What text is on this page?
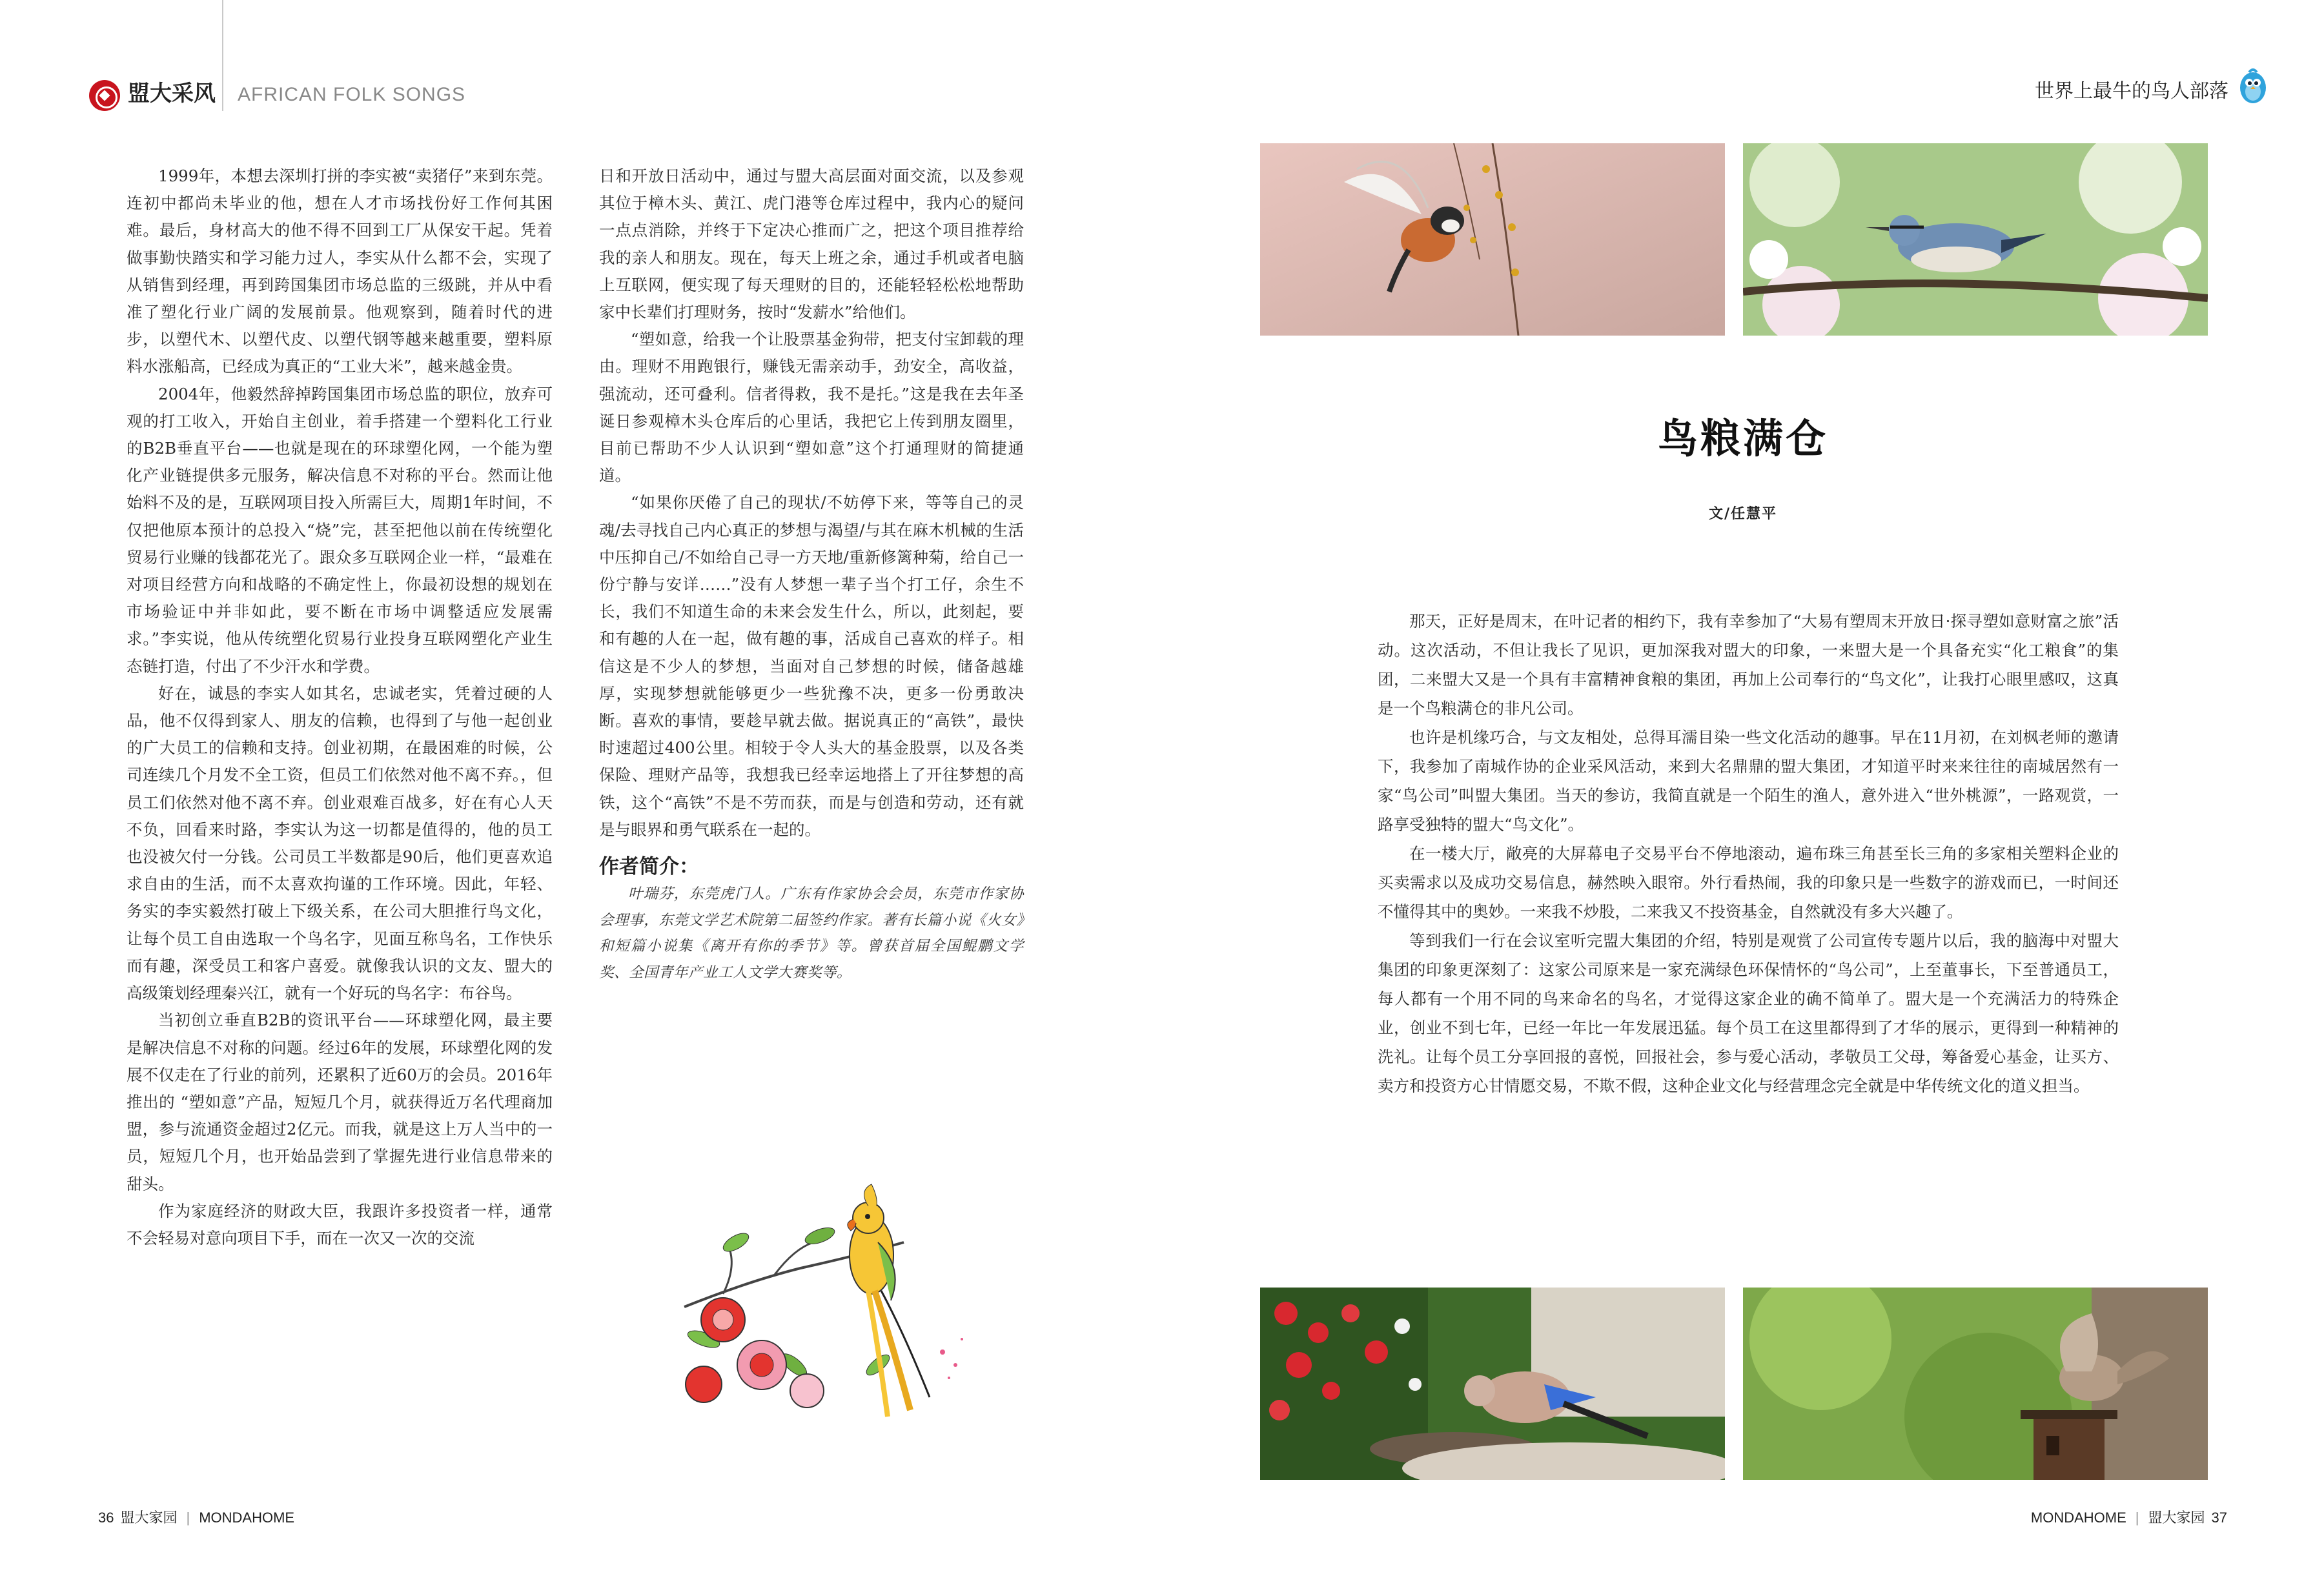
盟大采风 AFRICAN FOLK SONGS	世界上最牛的鸟人部落

1999年，本想去深圳打拼的李实被“卖猪仔”来到东莞。连初中都尚未毕业的他，想在人才市场找份好工作何其困难。最后，身材高大的他不得不回到工厂从保安干起。凭着做事勤快踏实和学习能力过人，李实从什么都不会，实现了从销售到经理，再到跨国集团市场总监的三级跳，并从中看准了塑化行业广阔的发展前景。他观察到，随着时代的进步，以塑代木、以塑代皮、以塑代钢等越来越重要，塑料原料水涨船高，已经成为真正的“工业大米”，越来越金贵。

2004年，他毅然辞掉跨国集团市场总监的职位，放弃可观的打工收入，开始自主创业，着手搭建一个塑料化工行业的B2B垂直平台——也就是现在的环球塑化网，一个能为塑化产业链提供多元服务，解决信息不对称的平台。然而让他始料不及的是，互联网项目投入所需巨大，周期1年时间，不仅把他原本预计的总投入“烧”完，甚至把他以前在传统塑化贸易行业赚的钱都花光了。跟众多互联网企业一样，“最难在对项目经营方向和战略的不确定性上，你最初设想的规划在市场验证中并非如此，要不断在市场中调整适应发展需求。”李实说，他从传统塑化贸易行业投身互联网塑化产业生态链打造，付出了不少汗水和学费。

好在，诚恳的李实人如其名，忠诚老实，凭着过硬的人品，他不仅得到家人、朋友的信赖，也得到了与他一起创业的广大员工的信赖和支持。创业初期，在最困难的时候，公司连续几个月发不全工资，但员工们依然对他不离不弃。，但员工们依然对他不离不弃。创业艰难百战多，好在有心人天不负，回看来时路，李实认为这一切都是值得的，他的员工也没被欠付一分钱。公司员工半数都是90后，他们更喜欢追求自由的生活，而不太喜欢拘谨的工作环境。因此，年轻、务实的李实毅然打破上下级关系，在公司大胆推行鸟文化，让每个员工自由选取一个鸟名字，见面互称鸟名，工作快乐而有趣，深受员工和客户喜爱。就像我认识的文友、盟大的高级策划经理秦兴江，就有一个好玩的鸟名字：布谷鸟。

当初创立垂直B2B的资讯平台——环球塑化网，最主要是解决信息不对称的问题。经过6年的发展，环球塑化网的发展不仅走在了行业的前列，还累积了近60万的会员。2016年推出的 “塑如意”产品，短短几个月，就获得近万名代理商加盟，参与流通资金超过2亿元。而我，就是这上万人当中的一员，短短几个月，也开始品尝到了掌握先进行业信息带来的甜头。

作为家庭经济的财政大臣，我跟许多投资者一样，通常不会轻易对意向项目下手，而在一次又一次的交流

日和开放日活动中，通过与盟大高层面对面交流，以及参观其位于樟木头、黄江、虎门港等仓库过程中，我内心的疑问一点点消除，并终于下定决心推而广之，把这个项目推荐给我的亲人和朋友。现在，每天上班之余，通过手机或者电脑上互联网，便实现了每天理财的目的，还能轻轻松松地帮助家中长辈们打理财务，按时“发薪水”给他们。

“塑如意，给我一个让股票基金狗带，把支付宝卸载的理由。理财不用跑银行，赚钱无需亲动手，劲安全，高收益，强流动，还可叠利。信者得救，我不是托。”这是我在去年圣诞日参观樟木头仓库后的心里话，我把它上传到朋友圈里，目前已帮助不少人认识到“塑如意”这个打通理财的简捷通道。

“如果你厌倦了自己的现状/不妨停下来，等等自己的灵魂/去寻找自己内心真正的梦想与渴望/与其在麻木机械的生活中压抑自己/不如给自己寻一方天地/重新修篱种菊，给自己一份宁静与安详……”没有人梦想一辈子当个打工仔，余生不长，我们不知道生命的未来会发生什么，所以，此刻起，要和有趣的人在一起，做有趣的事，活成自己喜欢的样子。相信这是不少人的梦想，当面对自己梦想的时候，储备越雄厚，实现梦想就能够更少一些犹豫不决，更多一份勇敢决断。喜欢的事情，要趁早就去做。据说真正的“高铁”，最快时速超过400公里。相较于令人头大的基金股票，以及各类保险、理财产品等，我想我已经幸运地搭上了开往梦想的高铁，这个“高铁”不是不劳而获，而是与创造和劳动，还有就是与眼界和勇气联系在一起的。

作者简介：

叶瑞芬，东莞虎门人。广东有作家协会会员，东莞市作家协会理事，东莞文学艺术院第二届签约作家。著有长篇小说《火女》和短篇小说集《离开有你的季节》等。曾获首届全国鲲鹏文学奖、全国青年产业工人文学大赛奖等。

鸟粮满仓
文/任慧平

那天，正好是周末，在叶记者的相约下，我有幸参加了“大易有塑周末开放日·探寻塑如意财富之旅”活动。这次活动，不但让我长了见识，更加深我对盟大的印象，一来盟大是一个具备充实“化工粮食”的集团，二来盟大又是一个具有丰富精神食粮的集团，再加上公司奉行的“鸟文化”，让我打心眼里感叹，这真是一个鸟粮满仓的非凡公司。

也许是机缘巧合，与文友相处，总得耳濡目染一些文化活动的趣事。早在11月初，在刘枫老师的邀请下，我参加了南城作协的企业采风活动，来到大名鼎鼎的盟大集团，才知道平时来来往往的南城居然有一家“鸟公司”叫盟大集团。当天的参访，我简直就是一个陌生的渔人，意外进入“世外桃源”，一路观赏，一路享受独特的盟大“鸟文化”。

在一楼大厅，敞亮的大屏幕电子交易平台不停地滚动，遍布珠三角甚至长三角的多家相关塑料企业的买卖需求以及成功交易信息，赫然映入眼帘。外行看热闹，我的印象只是一些数字的游戏而已，一时间还不懂得其中的奥妙。一来我不炒股，二来我又不投资基金，自然就没有多大兴趣了。

等到我们一行在会议室听完盟大集团的介绍，特别是观赏了公司宣传专题片以后，我的脑海中对盟大集团的印象更深刻了：这家公司原来是一家充满绿色环保情怀的“鸟公司”，上至董事长，下至普通员工，每人都有一个用不同的鸟来命名的鸟名，才觉得这家企业的确不简单了。盟大是一个充满活力的特殊企业，创业不到七年，已经一年比一年发展迅猛。每个员工在这里都得到了才华的展示，更得到一种精神的洗礼。让每个员工分享回报的喜悦，回报社会，参与爱心活动，孝敬员工父母，筹备爱心基金，让买方、卖方和投资方心甘情愿交易，不欺不假，这种企业文化与经营理念完全就是中华传统文化的道义担当。

36 盟大家园 | MONDAHOME	MONDAHOME | 盟大家园 37
